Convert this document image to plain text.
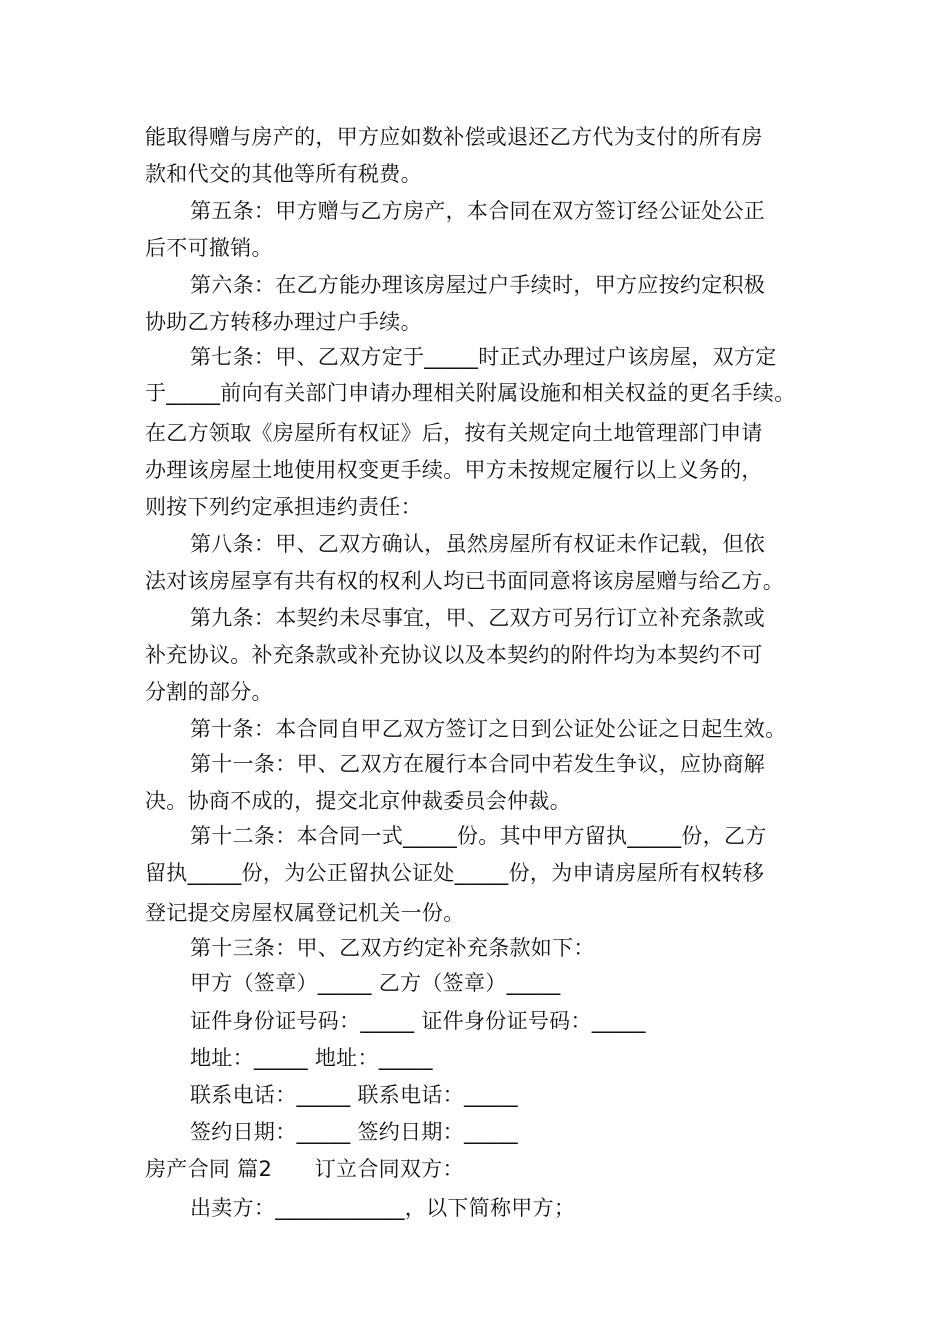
能取得赠与房产的，甲方应如数补偿或退还乙方代为支付的所有房
款和代交的其他等所有税费。
第五条：甲方赠与乙方房产，本合同在双方签订经公证处公正
后不可撤销。
第六条：在乙方能办理该房屋过户手续时，甲方应按约定积极
协助乙方转移办理过户手续。
第七条：甲、乙双方定于_____时正式办理过户该房屋，双方定
于_____前向有关部门申请办理相关附属设施和相关权益的更名手续。
在乙方领取《房屋所有权证》后，按有关规定向土地管理部门申请
办理该房屋土地使用权变更手续。甲方未按规定履行以上义务的，
则按下列约定承担违约责任：
第八条：甲、乙双方确认，虽然房屋所有权证未作记载，但依
法对该房屋享有共有权的权利人均已书面同意将该房屋赠与给乙方。
第九条：本契约未尽事宜，甲、乙双方可另行订立补充条款或
补充协议。补充条款或补充协议以及本契约的附件均为本契约不可
分割的部分。
第十条：本合同自甲乙双方签订之日到公证处公证之日起生效。
第十一条：甲、乙双方在履行本合同中若发生争议，应协商解
决。协商不成的，提交北京仲裁委员会仲裁。
第十二条：本合同一式_____份。其中甲方留执_____份，乙方
留执_____份，为公正留执公证处_____份，为申请房屋所有权转移
登记提交房屋权属登记机关一份。
第十三条：甲、乙双方约定补充条款如下：
甲方（签章）_____ 乙方（签章）_____
证件身份证号码：_____ 证件身份证号码：_____
地址：_____ 地址：_____
联系电话：_____ 联系电话：_____
签约日期：_____ 签约日期：_____
房产合同 篇2　　订立合同双方：
出卖方：____________，以下简称甲方；
